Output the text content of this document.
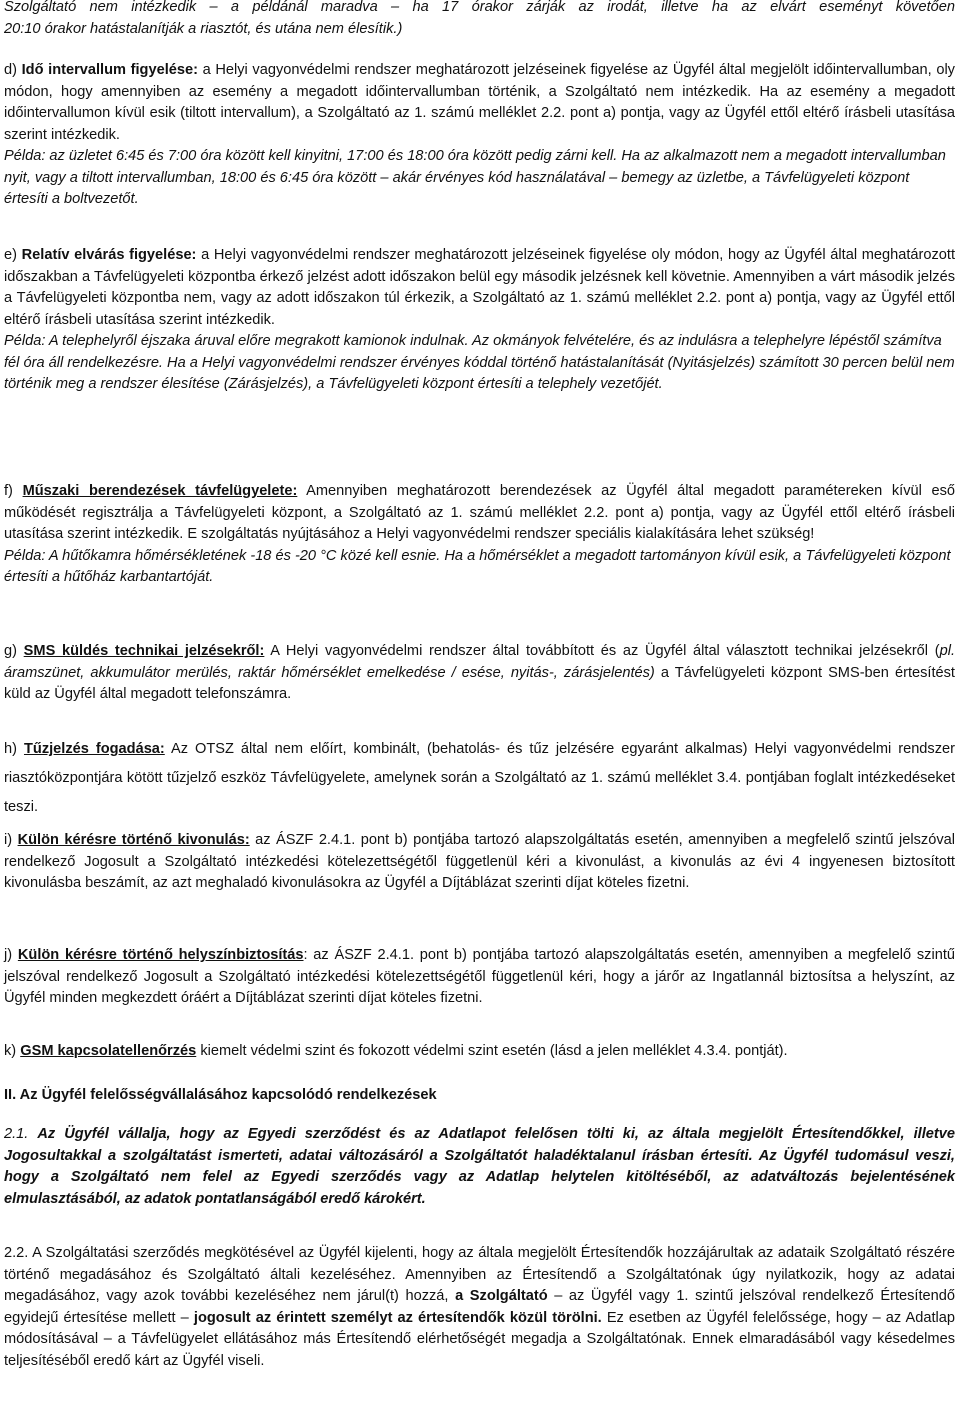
Szolgáltató nem intézkedik – a példánál maradva – ha 17 órakor zárják az irodát, illetve ha az elvárt eseményt követően

20:10 órakor hatástalanítják a riasztót, és utána nem élesítik.)

d) Idő intervallum figyelése: a Helyi vagyonvédelmi rendszer meghatározott jelzéseinek figyelése az Ügyfél által megjelölt időintervallumban, oly módon, hogy amennyiben az esemény a megadott időintervallumban történik, a Szolgáltató nem intézkedik. Ha az esemény a megadott időintervallumon kívül esik (tiltott intervallum), a Szolgáltató az 1. számú melléklet 2.2. pont a) pontja, vagy az Ügyfél ettől eltérő írásbeli utasítása szerint intézkedik.

Példa: az üzletet 6:45 és 7:00 óra között kell kinyitni, 17:00 és 18:00 óra között pedig zárni kell. Ha az alkalmazott nem a megadott intervallumban nyit, vagy a tiltott intervallumban, 18:00 és 6:45 óra között – akár érvényes kód használatával – bemegy az üzletbe, a Távfelügyeleti központ értesíti a boltvezetőt.

e) Relatív elvárás figyelése: a Helyi vagyonvédelmi rendszer meghatározott jelzéseinek figyelése oly módon, hogy az Ügyfél által meghatározott időszakban a Távfelügyeleti központba érkező jelzést adott időszakon belül egy második jelzésnek kell követnie. Amennyiben a várt második jelzés a Távfelügyeleti központba nem, vagy az adott időszakon túl érkezik, a Szolgáltató az 1. számú melléklet 2.2. pont a) pontja, vagy az Ügyfél ettől eltérő írásbeli utasítása szerint intézkedik.

Példa: A telephelyről éjszaka áruval előre megrakott kamionok indulnak. Az okmányok felvételére, és az indulásra a telephelyre lépéstől számítva fél óra áll rendelkezésre. Ha a Helyi vagyonvédelmi rendszer érvényes kóddal történő hatástalanítását (Nyitásjelzés) számított 30 percen belül nem történik meg a rendszer élesítése (Zárásjelzés), a Távfelügyeleti központ értesíti a telephely vezetőjét.

f) Műszaki berendezések távfelügyelete: Amennyiben meghatározott berendezések az Ügyfél által megadott paramétereken kívül eső működését regisztrálja a Távfelügyeleti központ, a Szolgáltató az 1. számú melléklet 2.2. pont a) pontja, vagy az Ügyfél ettől eltérő írásbeli utasítása szerint intézkedik. E szolgáltatás nyújtásához a Helyi vagyonvédelmi rendszer speciális kialakítására lehet szükség!

Példa: A hűtőkamra hőmérsékletének -18 és -20 °C közé kell esnie. Ha a hőmérséklet a megadott tartományon kívül esik, a Távfelügyeleti központ értesíti a hűtőház karbantartóját.

g) SMS küldés technikai jelzésekről: A Helyi vagyonvédelmi rendszer által továbbított és az Ügyfél által választott technikai jelzésekről (pl. áramszünet, akkumulátor merülés, raktár hőmérséklet emelkedése / esése, nyitás-, zárásjelentés) a Távfelügyeleti központ SMS-ben értesítést küld az Ügyfél által megadott telefonszámra.

h) Tűzjelzés fogadása: Az OTSZ által nem előírt, kombinált, (behatolás- és tűz jelzésére egyaránt alkalmas) Helyi vagyonvédelmi rendszer riasztóközpontjára kötött tűzjelző eszköz Távfelügyelete, amelynek során a Szolgáltató az 1. számú melléklet 3.4. pontjában foglalt intézkedéseket teszi.

i) Külön kérésre történő kivonulás: az ÁSZF 2.4.1. pont b) pontjába tartozó alapszolgáltatás esetén, amennyiben a megfelelő szintű jelszóval rendelkező Jogosult a Szolgáltató intézkedési kötelezettségétől függetlenül kéri a kivonulást, a kivonulás az évi 4 ingyenesen biztosított kivonulásba beszámít, az azt meghaladó kivonulásokra az Ügyfél a Díjtáblázat szerinti díjat köteles fizetni.

j) Külön kérésre történő helyszínbiztosítás: az ÁSZF 2.4.1. pont b) pontjába tartozó alapszolgáltatás esetén, amennyiben a megfelelő szintű jelszóval rendelkező Jogosult a Szolgáltató intézkedési kötelezettségétől függetlenül kéri, hogy a járőr az Ingatlannál biztosítsa a helyszínt, az Ügyfél minden megkezdett óráért a Díjtáblázat szerinti díjat köteles fizetni.

k) GSM kapcsolatellenőrzés kiemelt védelmi szint és fokozott védelmi szint esetén (lásd a jelen melléklet 4.3.4. pontját).

II. Az Ügyfél felelősségvállalásához kapcsolódó rendelkezések

2.1. Az Ügyfél vállalja, hogy az Egyedi szerződést és az Adatlapot felelősen tölti ki, az általa megjelölt Értesítendőkkel, illetve Jogosultakkal a szolgáltatást ismerteti, adatai változásáról a Szolgáltatót haladéktalanul írásban értesíti. Az Ügyfél tudomásul veszi, hogy a Szolgáltató nem felel az Egyedi szerződés vagy az Adatlap helytelen kitöltéséből, az adatváltozás bejelentésének elmulasztásából, az adatok pontatlanságából eredő károkért.

2.2. A Szolgáltatási szerződés megkötésével az Ügyfél kijelenti, hogy az általa megjelölt Értesítendők hozzájárultak az adataik Szolgáltató részére történő megadásához és Szolgáltató általi kezeléséhez. Amennyiben az Értesítendő a Szolgáltatónak úgy nyilatkozik, hogy az adatai megadásához, vagy azok további kezeléséhez nem járul(t) hozzá, a Szolgáltató – az Ügyfél vagy 1. szintű jelszóval rendelkező Értesítendő egyidejű értesítése mellett – jogosult az érintett személyt az értesítendők közül törölni. Ez esetben az Ügyfél felelőssége, hogy – az Adatlap módosításával – a Távfelügyelet ellátásához más Értesítendő elérhetőségét megadja a Szolgáltatónak. Ennek elmaradásából vagy késedelmes teljesítéséből eredő kárt az Ügyfél viseli.
